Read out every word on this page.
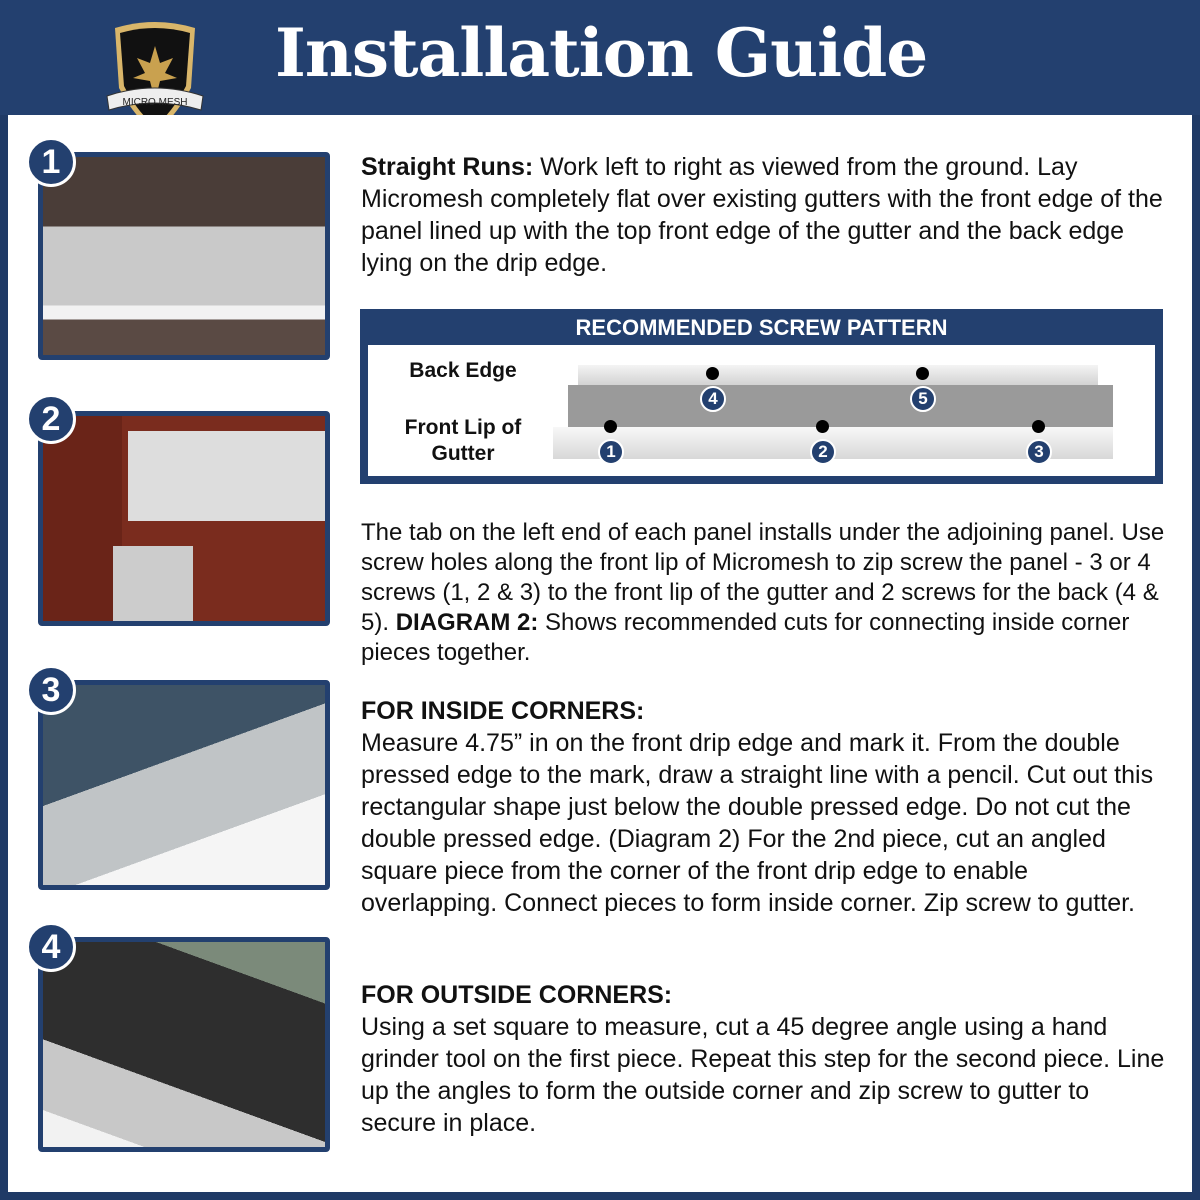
MICRO MESH
Installation Guide
1
2
3
4
Straight Runs: Work left to right as viewed from the ground. Lay Micromesh completely flat over existing gutters with the front edge of the panel lined up with the top front edge of the gutter and the back edge lying on the drip edge.
RECOMMENDED SCREW PATTERN
Back Edge
Front Lip of Gutter
4	5
1	2	3
The tab on the left end of each panel installs under the adjoining panel. Use screw holes along the front lip of Micromesh to zip screw the panel - 3 or 4 screws (1, 2 & 3) to the front lip of the gutter and 2 screws for the back (4 & 5). DIAGRAM 2: Shows recommended cuts for connecting inside corner pieces together.
FOR INSIDE CORNERS:
Measure 4.75” in on the front drip edge and mark it. From the double pressed edge to the mark, draw a straight line with a pencil. Cut out this rectangular shape just below the double pressed edge. Do not cut the double pressed edge. (Diagram 2) For the 2nd piece, cut an angled square piece from the corner of the front drip edge to enable overlapping. Connect pieces to form inside corner. Zip screw to gutter.
FOR OUTSIDE CORNERS:
Using a set square to measure, cut a 45 degree angle using a hand grinder tool on the first piece. Repeat this step for the second piece. Line up the angles to form the outside corner and zip screw to gutter to secure in place.
